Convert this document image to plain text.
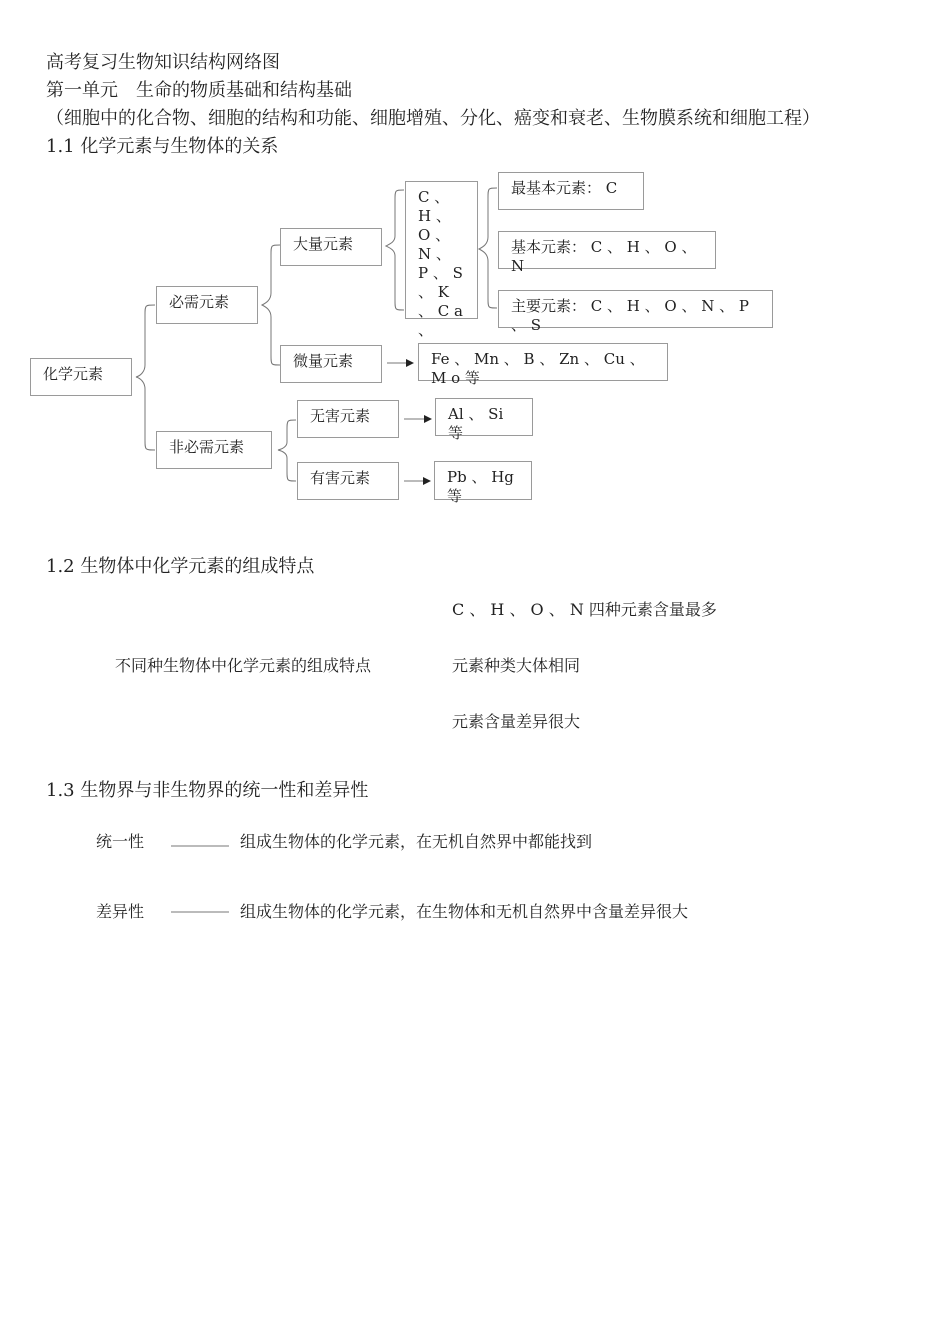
高考复习生物知识结构网络图
第一单元　生命的物质基础和结构基础
（细胞中的化合物、细胞的结构和功能、细胞增殖、分化、癌变和衰老、生物膜系统和细胞工程）
1.1 化学元素与生物体的关系
化学元素
必需元素
非必需元素
大量元素
微量元素
C 、 H 、 O 、 N 、 P 、 S 、 K 、 C a 、
最基本元素： C
基本元素： C 、 H 、 O 、 N
主要元素： C 、 H 、 O 、 N 、 P 、 S
Fe 、 Mn 、 B 、 Zn 、 Cu 、 M o 等
无害元素
有害元素
Al 、 Si 等
Pb 、 Hg 等
1.2 生物体中化学元素的组成特点
不同种生物体中化学元素的组成特点
C 、 H 、 O 、 N 四种元素含量最多
元素种类大体相同
元素含量差异很大
1.3 生物界与非生物界的统一性和差异性
统一性	组成生物体的化学元素，在无机自然界中都能找到
差异性	组成生物体的化学元素，在生物体和无机自然界中含量差异很大
